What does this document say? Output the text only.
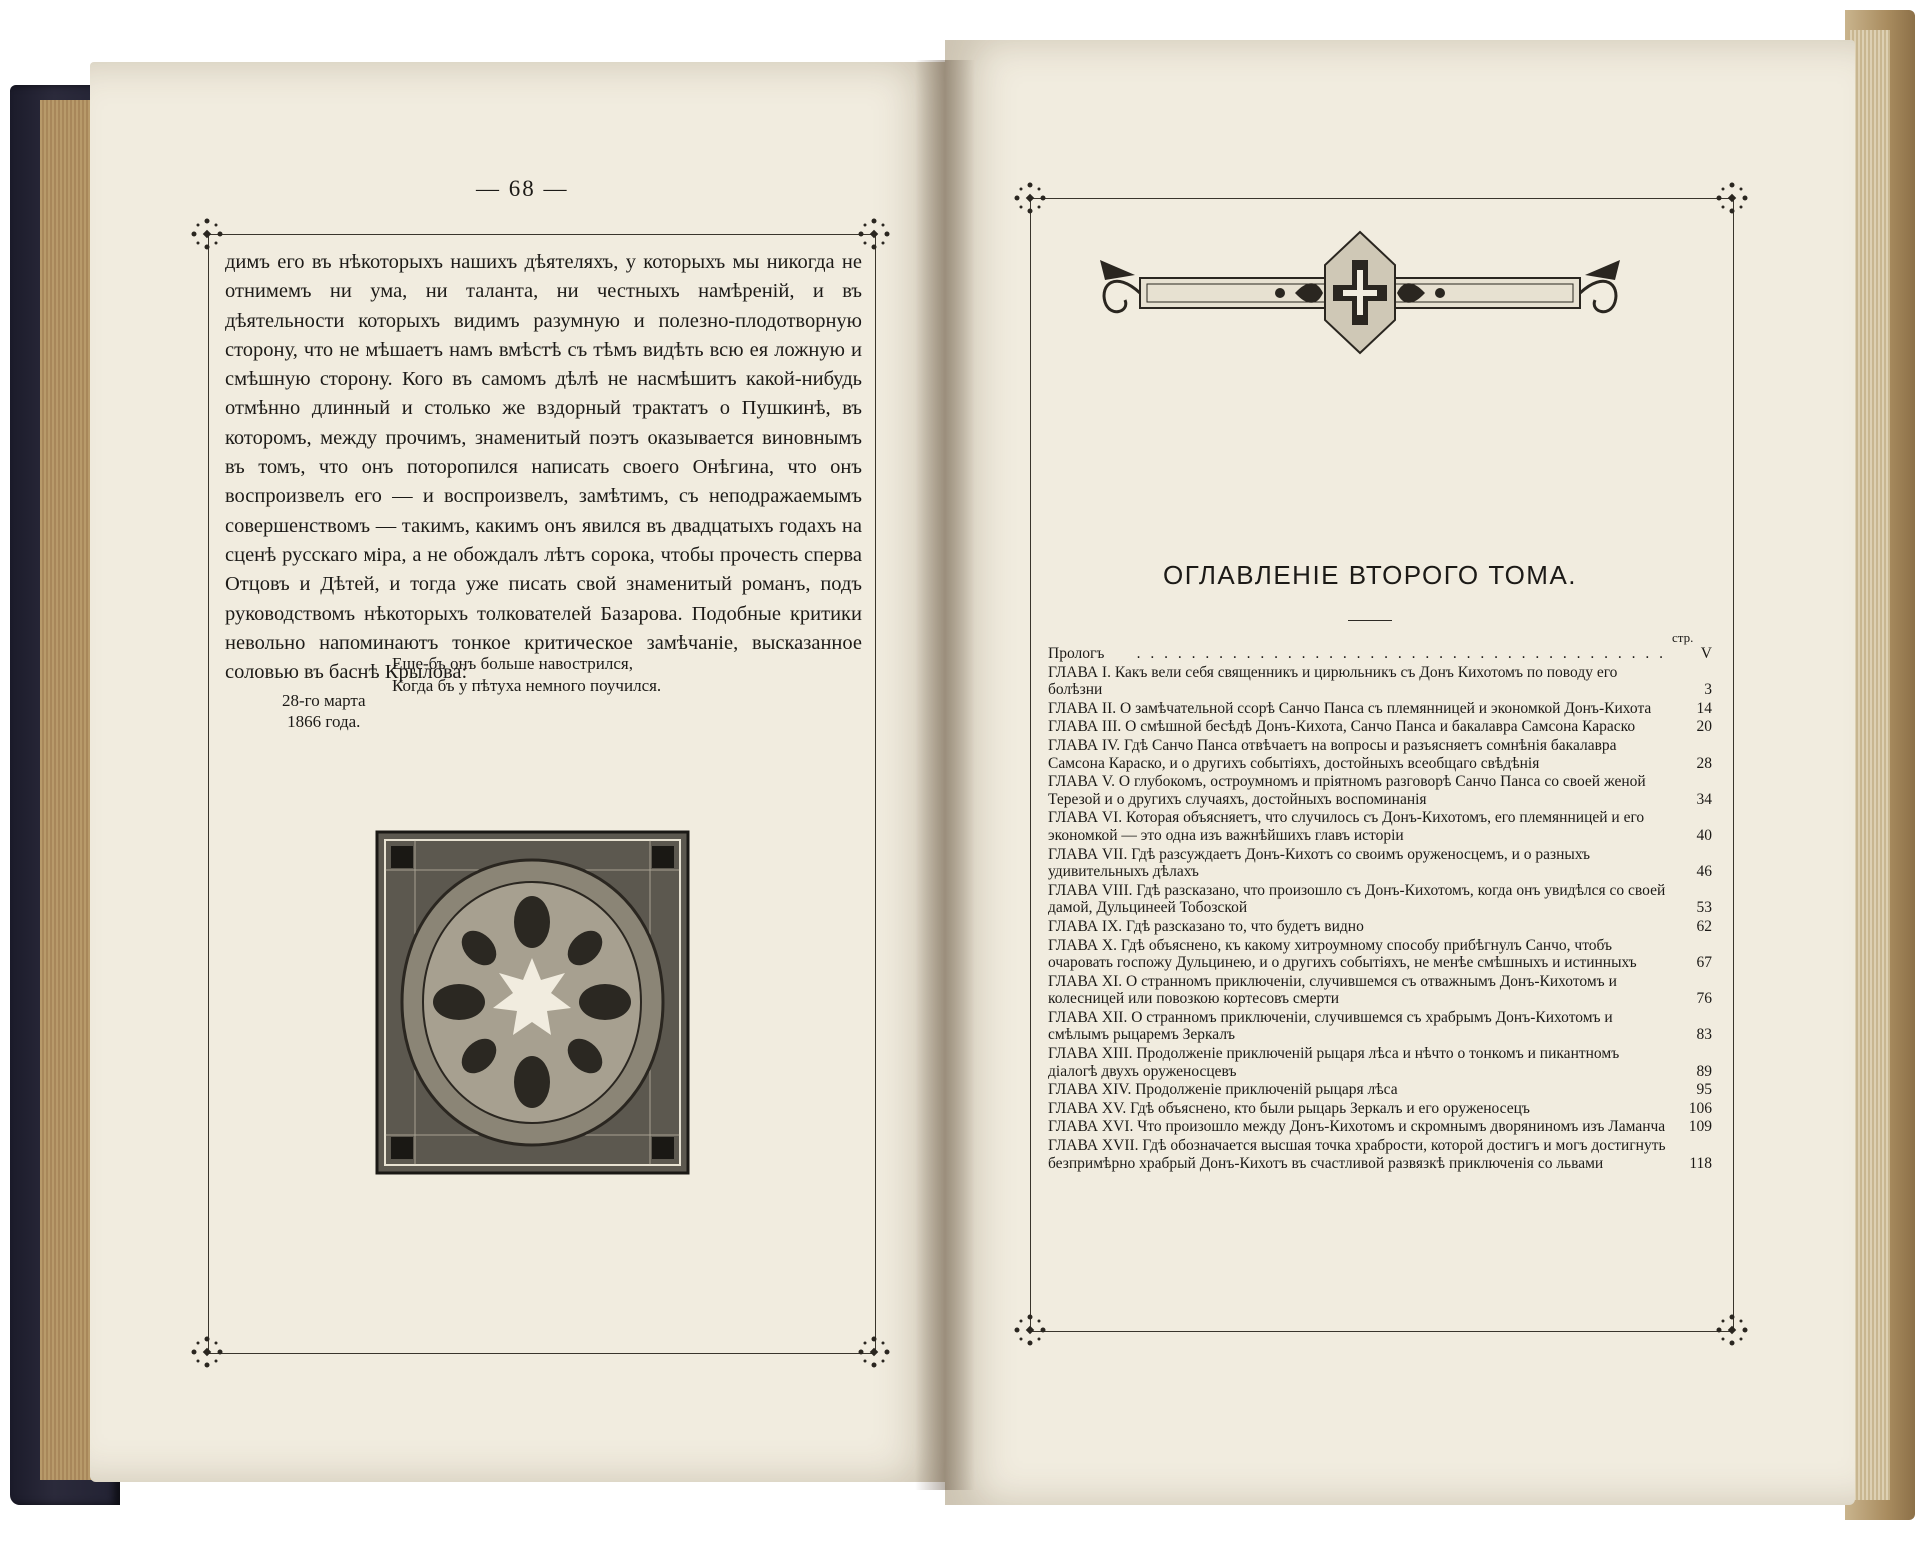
— 68 —

димъ его въ нѣкоторыхъ нашихъ дѣятеляхъ, у которыхъ мы никогда не отнимемъ ни ума, ни таланта, ни честныхъ намѣреній, и въ дѣятельности которыхъ видимъ разумную и полезно-плодотворную сторону, что не мѣшаетъ намъ вмѣстѣ съ тѣмъ видѣть всю ея ложную и смѣшную сторону. Кого въ самомъ дѣлѣ не насмѣшитъ какой-нибудь отмѣнно длинный и столько же вздорный трактатъ о Пушкинѣ, въ которомъ, между прочимъ, знаменитый поэтъ оказывается виновнымъ въ томъ, что онъ поторопился написать своего Онѣгина, что онъ воспроизвелъ его — и воспроизвелъ, замѣтимъ, съ неподражаемымъ совершенствомъ — такимъ, какимъ онъ явился въ двадцатыхъ годахъ на сценѣ русскаго міра, а не обождалъ лѣтъ сорока, чтобы прочесть сперва Отцовъ и Дѣтей, и тогда уже писать свой знаменитый романъ, подъ руководствомъ нѣкоторыхъ толкователей Базарова. Подобные критики невольно напоминаютъ тонкое критическое замѣчаніе, высказанное соловью въ баснѣ Крылова:

Еще-бъ онъ больше навострился,
Когда бъ у пѣтуха немного поучился.
28-го марта
1866 года.
ОГЛАВЛЕНІЕ ВТОРОГО ТОМА.
стр.
Прологъ	. . . . . . . . . . . . . . . . . . . . . . . . . . . . . . . . . . . . . . .	V
ГЛАВА I. Какъ вели себя священникъ и цирюльникъ съ Донъ Кихотомъ по поводу его болѣзни	3
ГЛАВА II. О замѣчательной ссорѣ Санчо Панса съ племянницей и экономкой Донъ-Кихота	14
ГЛАВА III. О смѣшной бесѣдѣ Донъ-Кихота, Санчо Панса и бакалавра Самсона Караско	20
ГЛАВА IV. Гдѣ Санчо Панса отвѣчаетъ на вопросы и разъясняетъ сомнѣнія бакалавра Самсона Караско, и о другихъ событіяхъ, достойныхъ всеобщаго свѣдѣнія	28
ГЛАВА V. О глубокомъ, остроумномъ и пріятномъ разговорѣ Санчо Панса со своей женой Терезой и о другихъ случаяхъ, достойныхъ воспоминанія	34
ГЛАВА VI. Которая объясняетъ, что случилось съ Донъ-Кихотомъ, его племянницей и его экономкой — это одна изъ важнѣйшихъ главъ исторіи	40
ГЛАВА VII. Гдѣ разсуждаетъ Донъ-Кихотъ со своимъ оруженосцемъ, и о разныхъ удивительныхъ дѣлахъ	46
ГЛАВА VIII. Гдѣ разсказано, что произошло съ Донъ-Кихотомъ, когда онъ увидѣлся со своей дамой, Дульцинеей Тобозской	53
ГЛАВА IX. Гдѣ разсказано то, что будетъ видно	62
ГЛАВА X. Гдѣ объяснено, къ какому хитроумному способу прибѣгнулъ Санчо, чтобъ очаровать госпожу Дульцинею, и о другихъ событіяхъ, не менѣе смѣшныхъ и истинныхъ	67
ГЛАВА XI. О странномъ приключеніи, случившемся съ отважнымъ Донъ-Кихотомъ и колесницей или повозкою кортесовъ смерти	76
ГЛАВА XII. О странномъ приключеніи, случившемся съ храбрымъ Донъ-Кихотомъ и смѣлымъ рыцаремъ Зеркалъ	83
ГЛАВА XIII. Продолженіе приключеній рыцаря лѣса и нѣчто о тонкомъ и пикантномъ діалогѣ двухъ оруженосцевъ	89
ГЛАВА XIV. Продолженіе приключеній рыцаря лѣса	95
ГЛАВА XV. Гдѣ объяснено, кто были рыцарь Зеркалъ и его оруженосецъ	106
ГЛАВА XVI. Что произошло между Донъ-Кихотомъ и скромнымъ дворяниномъ изъ Ламанча	109
ГЛАВА XVII. Гдѣ обозначается высшая точка храбрости, которой достигъ и могъ достигнуть безпримѣрно храбрый Донъ-Кихотъ въ счастливой развязкѣ приключенія со львами	118
